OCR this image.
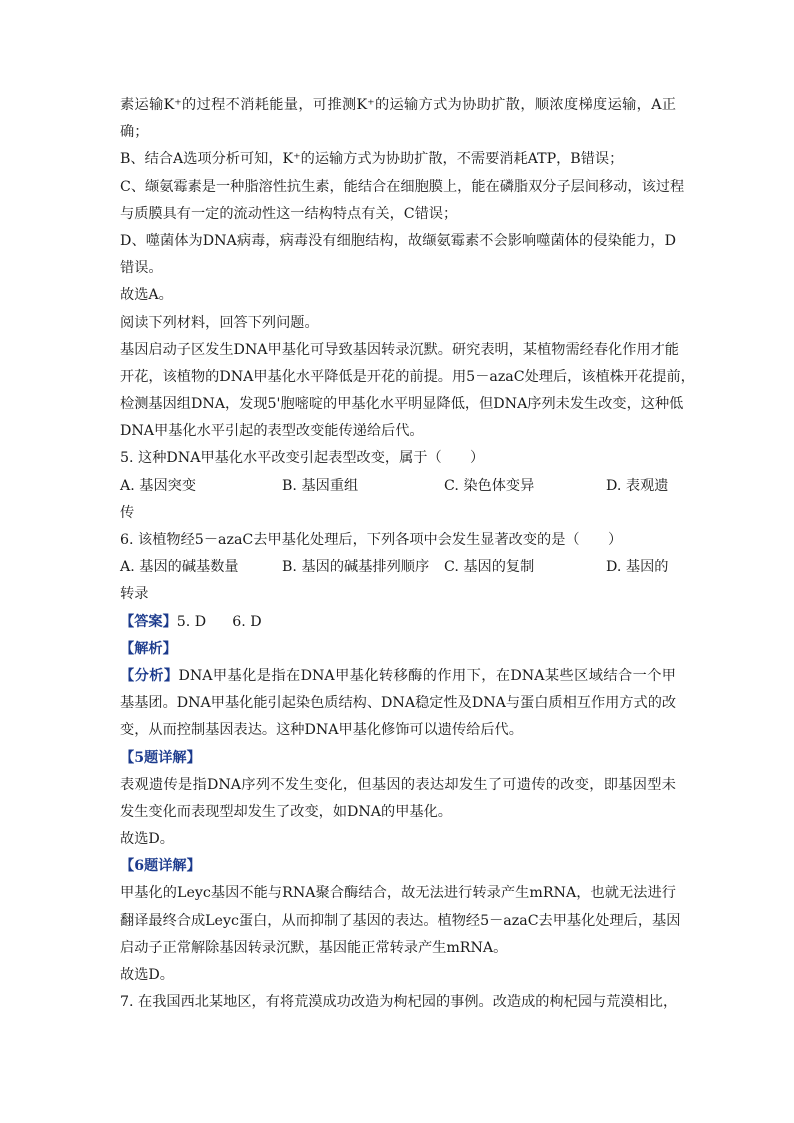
素运输K⁺的过程不消耗能量，可推测K⁺的运输方式为协助扩散，顺浓度梯度运输，A正
确；
B、结合A选项分析可知，K⁺的运输方式为协助扩散，不需要消耗ATP，B错误；
C、缬氨霉素是一种脂溶性抗生素，能结合在细胞膜上，能在磷脂双分子层间移动，该过程
与质膜具有一定的流动性这一结构特点有关，C错误；
D、噬菌体为DNA病毒，病毒没有细胞结构，故缬氨霉素不会影响噬菌体的侵染能力，D
错误。
故选A。
阅读下列材料，回答下列问题。
基因启动子区发生DNA甲基化可导致基因转录沉默。研究表明，某植物需经春化作用才能
开花，该植物的DNA甲基化水平降低是开花的前提。用5－azaC处理后，该植株开花提前，
检测基因组DNA，发现5'胞嘧啶的甲基化水平明显降低，但DNA序列未发生改变，这种低
DNA甲基化水平引起的表型改变能传递给后代。
5. 这种DNA甲基化水平改变引起表型改变，属于（　　）
A. 基因突变	B. 基因重组	C. 染色体变异	D. 表观遗
传
6. 该植物经5－azaC去甲基化处理后，下列各项中会发生显著改变的是（　　）
A. 基因的碱基数量	B. 基因的碱基排列顺序	C. 基因的复制	D. 基因的
转录
【答案】 5. D 6. D
【解析】
【分析】DNA甲基化是指在DNA甲基化转移酶的作用下，在DNA某些区域结合一个甲
基基团。DNA甲基化能引起染色质结构、DNA稳定性及DNA与蛋白质相互作用方式的改
变，从而控制基因表达。这种DNA甲基化修饰可以遗传给后代。
【5题详解】
表观遗传是指DNA序列不发生变化，但基因的表达却发生了可遗传的改变，即基因型未
发生变化而表现型却发生了改变，如DNA的甲基化。
故选D。
【6题详解】
甲基化的Leyc基因不能与RNA聚合酶结合，故无法进行转录产生mRNA，也就无法进行
翻译最终合成Leyc蛋白，从而抑制了基因的表达。植物经5－azaC去甲基化处理后，基因
启动子正常解除基因转录沉默，基因能正常转录产生mRNA。
故选D。
7. 在我国西北某地区，有将荒漠成功改造为枸杞园的事例。改造成的枸杞园与荒漠相比，
